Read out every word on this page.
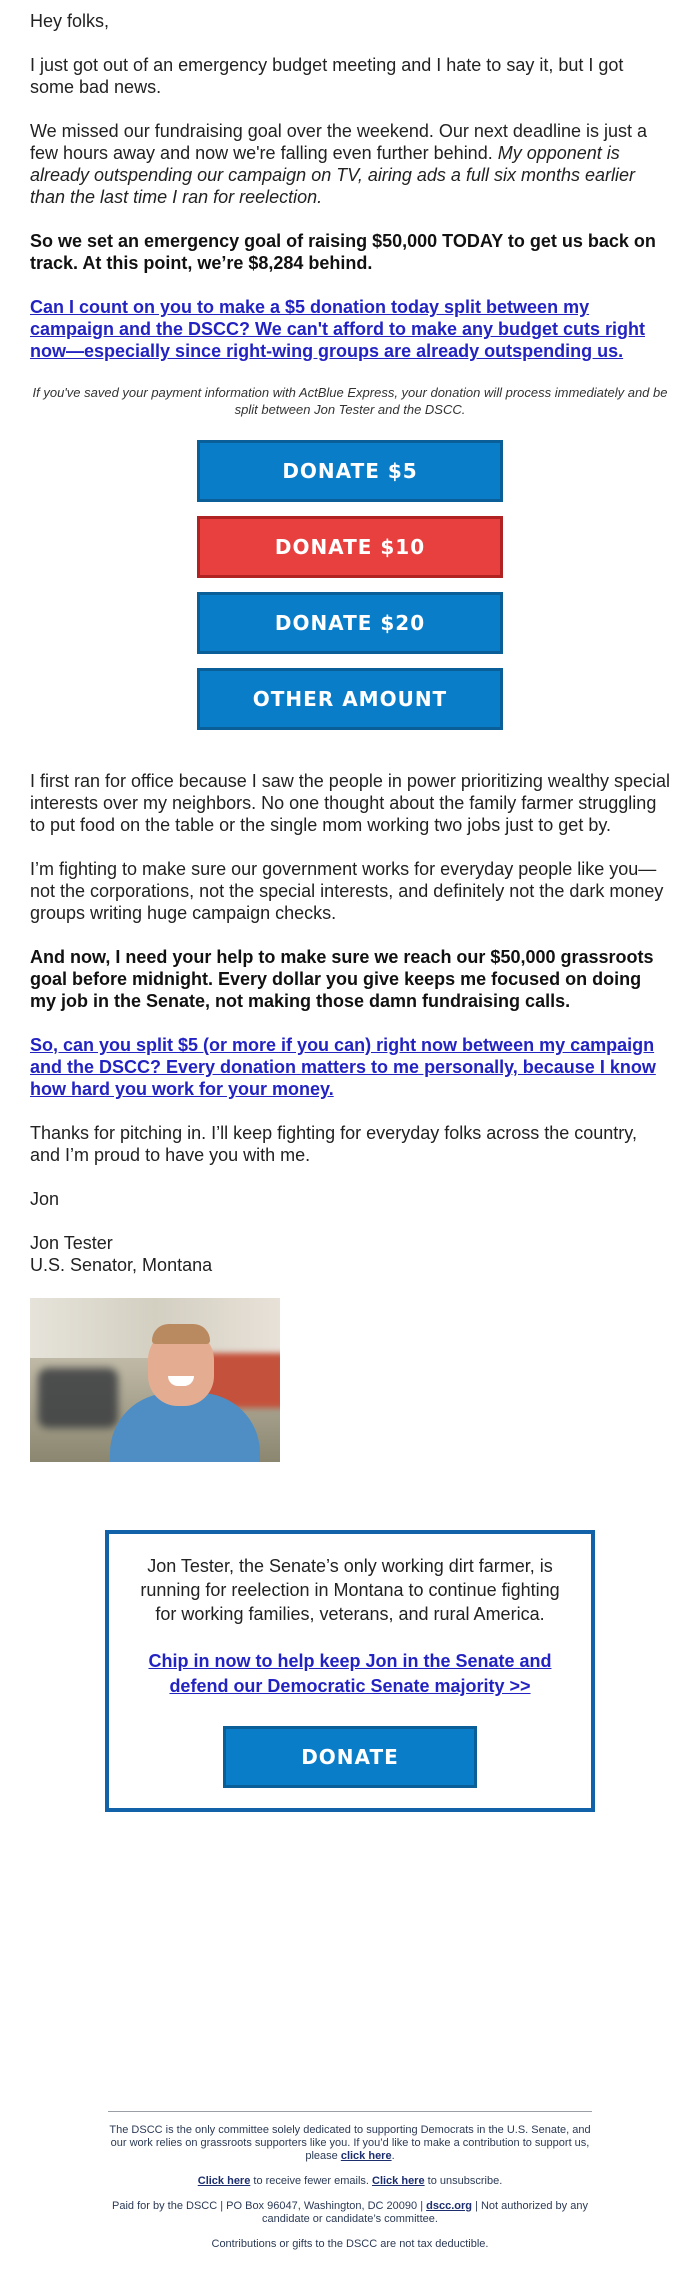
Hey folks,

I just got out of an emergency budget meeting and I hate to say it, but I got some bad news.

We missed our fundraising goal over the weekend. Our next deadline is just a few hours away and now we're falling even further behind. My opponent is already outspending our campaign on TV, airing ads a full six months earlier than the last time I ran for reelection.

So we set an emergency goal of raising $50,000 TODAY to get us back on track. At this point, we’re $8,284 behind.

Can I count on you to make a $5 donation today split between my campaign and the DSCC? We can't afford to make any budget cuts right now—especially since right-wing groups are already outspending us.

If you've saved your payment information with ActBlue Express, your donation will process immediately and be split between Jon Tester and the DSCC.

DONATE $5
DONATE $10
DONATE $20
OTHER AMOUNT

I first ran for office because I saw the people in power prioritizing wealthy special interests over my neighbors. No one thought about the family farmer struggling to put food on the table or the single mom working two jobs just to get by.

I’m fighting to make sure our government works for everyday people like you—not the corporations, not the special interests, and definitely not the dark money groups writing huge campaign checks.

And now, I need your help to make sure we reach our $50,000 grassroots goal before midnight. Every dollar you give keeps me focused on doing my job in the Senate, not making those damn fundraising calls.

So, can you split $5 (or more if you can) right now between my campaign and the DSCC? Every donation matters to me personally, because I know how hard you work for your money.

Thanks for pitching in. I’ll keep fighting for everyday folks across the country, and I’m proud to have you with me.

Jon

Jon Tester
U.S. Senator, Montana

Jon Tester, the Senate’s only working dirt farmer, is running for reelection in Montana to continue fighting for working families, veterans, and rural America.

Chip in now to help keep Jon in the Senate and defend our Democratic Senate majority >>

DONATE

The DSCC is the only committee solely dedicated to supporting Democrats in the U.S. Senate, and our work relies on grassroots supporters like you. If you’d like to make a contribution to support us, please click here.

Click here to receive fewer emails. Click here to unsubscribe.

Paid for by the DSCC | PO Box 96047, Washington, DC 20090 | dscc.org | Not authorized by any candidate or candidate’s committee.

Contributions or gifts to the DSCC are not tax deductible.
